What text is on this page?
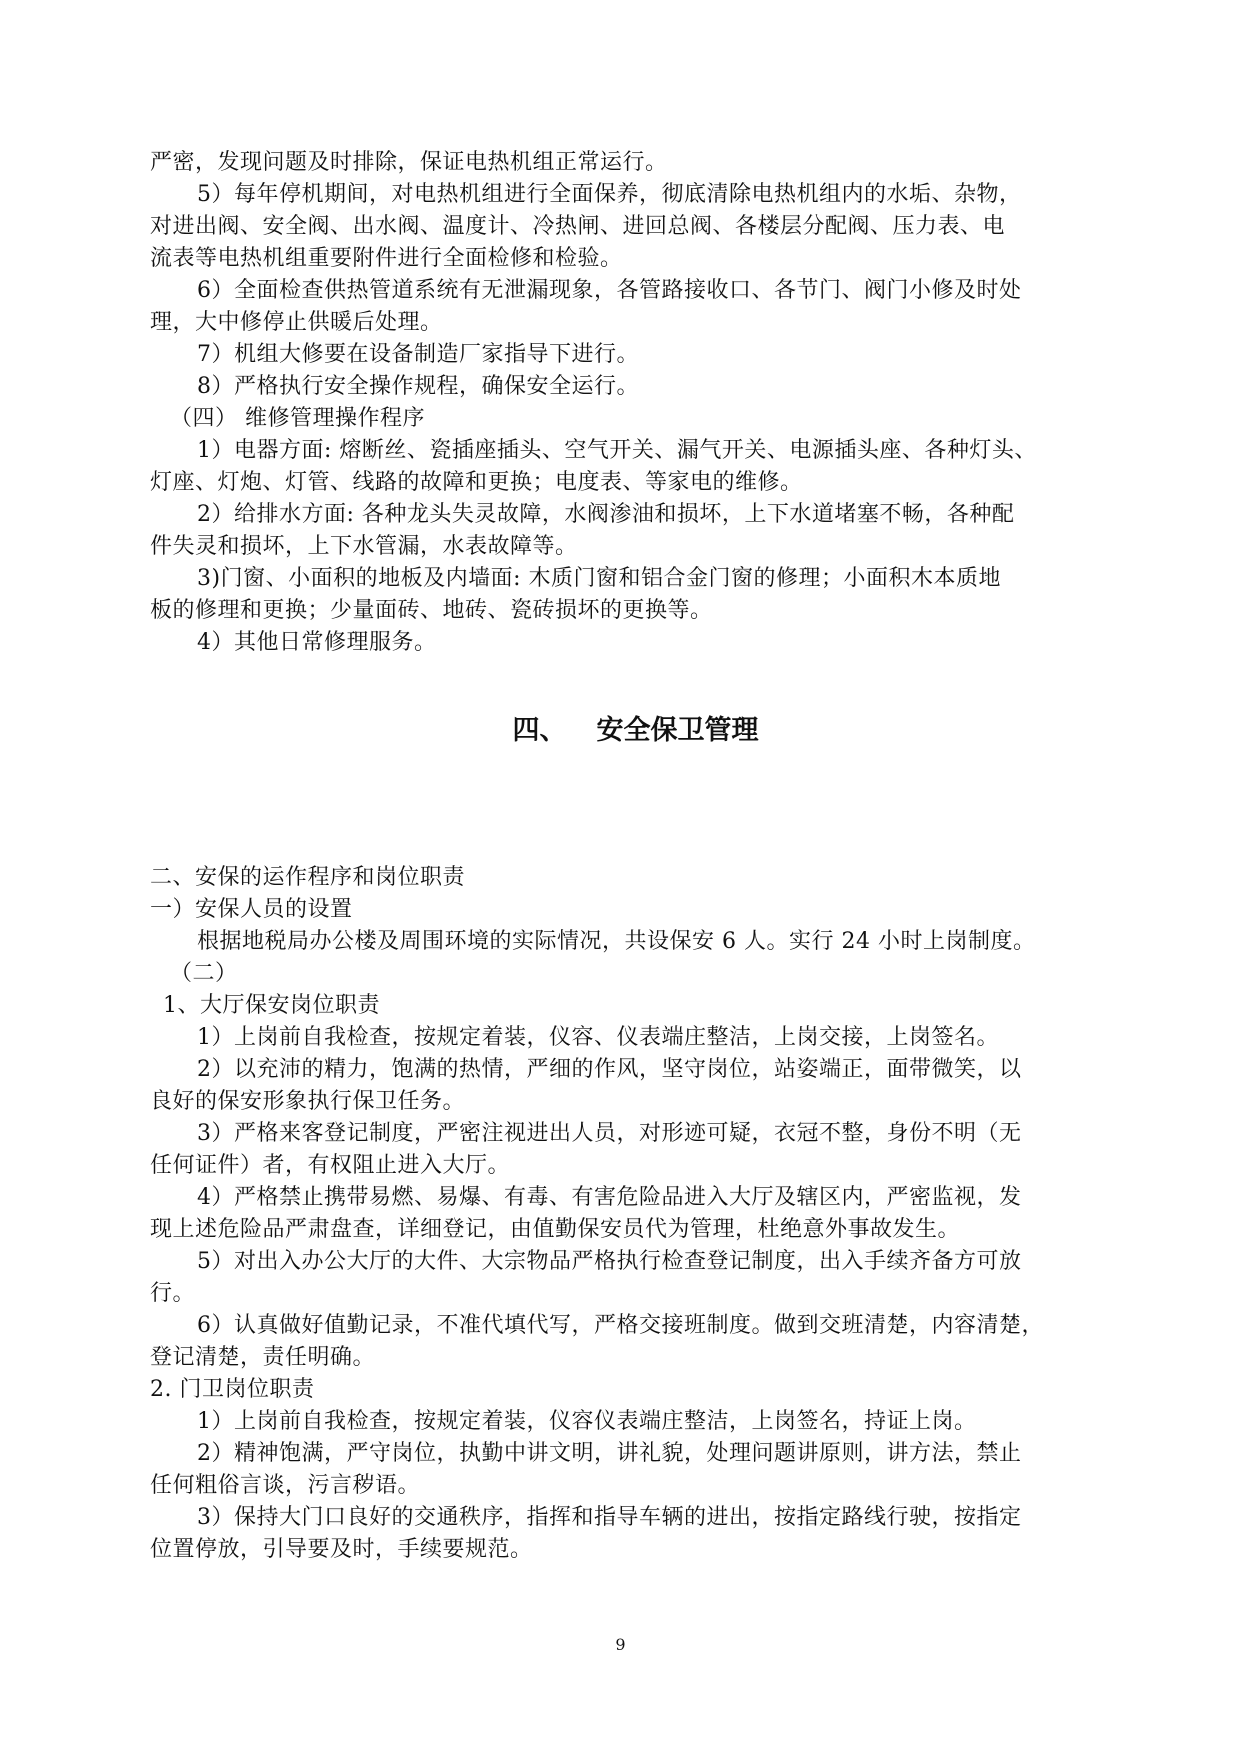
严密，发现问题及时排除，保证电热机组正常运行。
5）每年停机期间，对电热机组进行全面保养，彻底清除电热机组内的水垢、杂物，
对进出阀、安全阀、出水阀、温度计、冷热闸、进回总阀、各楼层分配阀、压力表、电
流表等电热机组重要附件进行全面检修和检验。
6）全面检查供热管道系统有无泄漏现象，各管路接收口、各节门、阀门小修及时处
理，大中修停止供暖后处理。
7）机组大修要在设备制造厂家指导下进行。
8）严格执行安全操作规程，确保安全运行。
（四） 维修管理操作程序
1）电器方面: 熔断丝、瓷插座插头、空气开关、漏气开关、电源插头座、各种灯头、
灯座、灯炮、灯管、线路的故障和更换；电度表、等家电的维修。
2）给排水方面: 各种龙头失灵故障，水阀渗油和损坏，上下水道堵塞不畅，各种配
件失灵和损坏，上下水管漏，水表故障等。
3)门窗、小面积的地板及内墙面: 木质门窗和铝合金门窗的修理；小面积木本质地
板的修理和更换；少量面砖、地砖、瓷砖损坏的更换等。
4）其他日常修理服务。
四、 安全保卫管理
二、安保的运作程序和岗位职责
一）安保人员的设置
根据地税局办公楼及周围环境的实际情况，共设保安 6 人。实行 24 小时上岗制度。
（二）
1、大厅保安岗位职责
1）上岗前自我检查，按规定着装，仪容、仪表端庄整洁，上岗交接，上岗签名。
2）以充沛的精力，饱满的热情，严细的作风，坚守岗位，站姿端正，面带微笑，以
良好的保安形象执行保卫任务。
3）严格来客登记制度，严密注视进出人员，对形迹可疑，衣冠不整，身份不明（无
任何证件）者，有权阻止进入大厅。
4）严格禁止携带易燃、易爆、有毒、有害危险品进入大厅及辖区内，严密监视，发
现上述危险品严肃盘查，详细登记，由值勤保安员代为管理，杜绝意外事故发生。
5）对出入办公大厅的大件、大宗物品严格执行检查登记制度，出入手续齐备方可放
行。
6）认真做好值勤记录，不准代填代写，严格交接班制度。做到交班清楚，内容清楚，
登记清楚，责任明确。
2. 门卫岗位职责
1）上岗前自我检查，按规定着装，仪容仪表端庄整洁，上岗签名，持证上岗。
2）精神饱满，严守岗位，执勤中讲文明，讲礼貌，处理问题讲原则，讲方法，禁止
任何粗俗言谈，污言秽语。
3）保持大门口良好的交通秩序，指挥和指导车辆的进出，按指定路线行驶，按指定
位置停放，引导要及时，手续要规范。
9
